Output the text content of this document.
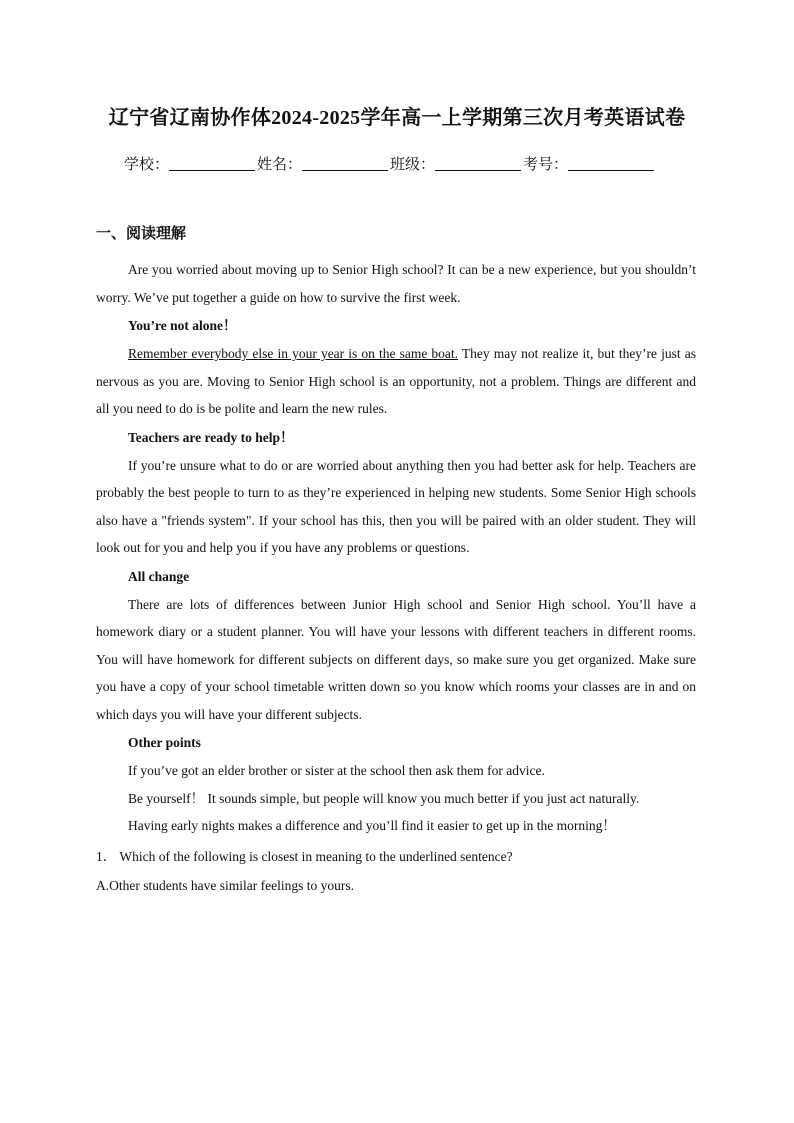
辽宁省辽南协作体2024-2025学年高一上学期第三次月考英语试卷
学校：	姓名：	班级：	考号：
一、阅读理解

Are you worried about moving up to Senior High school? It can be a new experience, but you shouldn’t worry. We’ve put together a guide on how to survive the first week.

You’re not alone！

Remember everybody else in your year is on the same boat. They may not realize it, but they’re just as nervous as you are. Moving to Senior High school is an opportunity, not a problem. Things are different and all you need to do is be polite and learn the new rules.

Teachers are ready to help！

If you’re unsure what to do or are worried about anything then you had better ask for help. Teachers are probably the best people to turn to as they’re experienced in helping new students. Some Senior High schools also have a "friends system". If your school has this, then you will be paired with an older student. They will look out for you and help you if you have any problems or questions.

All change

There are lots of differences between Junior High school and Senior High school. You’ll have a homework diary or a student planner. You will have your lessons with different teachers in different rooms. You will have homework for different subjects on different days, so make sure you get organized. Make sure you have a copy of your school timetable written down so you know which rooms your classes are in and on which days you will have your different subjects.

Other points

If you’ve got an elder brother or sister at the school then ask them for advice.

Be yourself！ It sounds simple, but people will know you much better if you just act naturally.

Having early nights makes a difference and you’ll find it easier to get up in the morning！

1． Which of the following is closest in meaning to the underlined sentence?

A.Other students have similar feelings to yours.
